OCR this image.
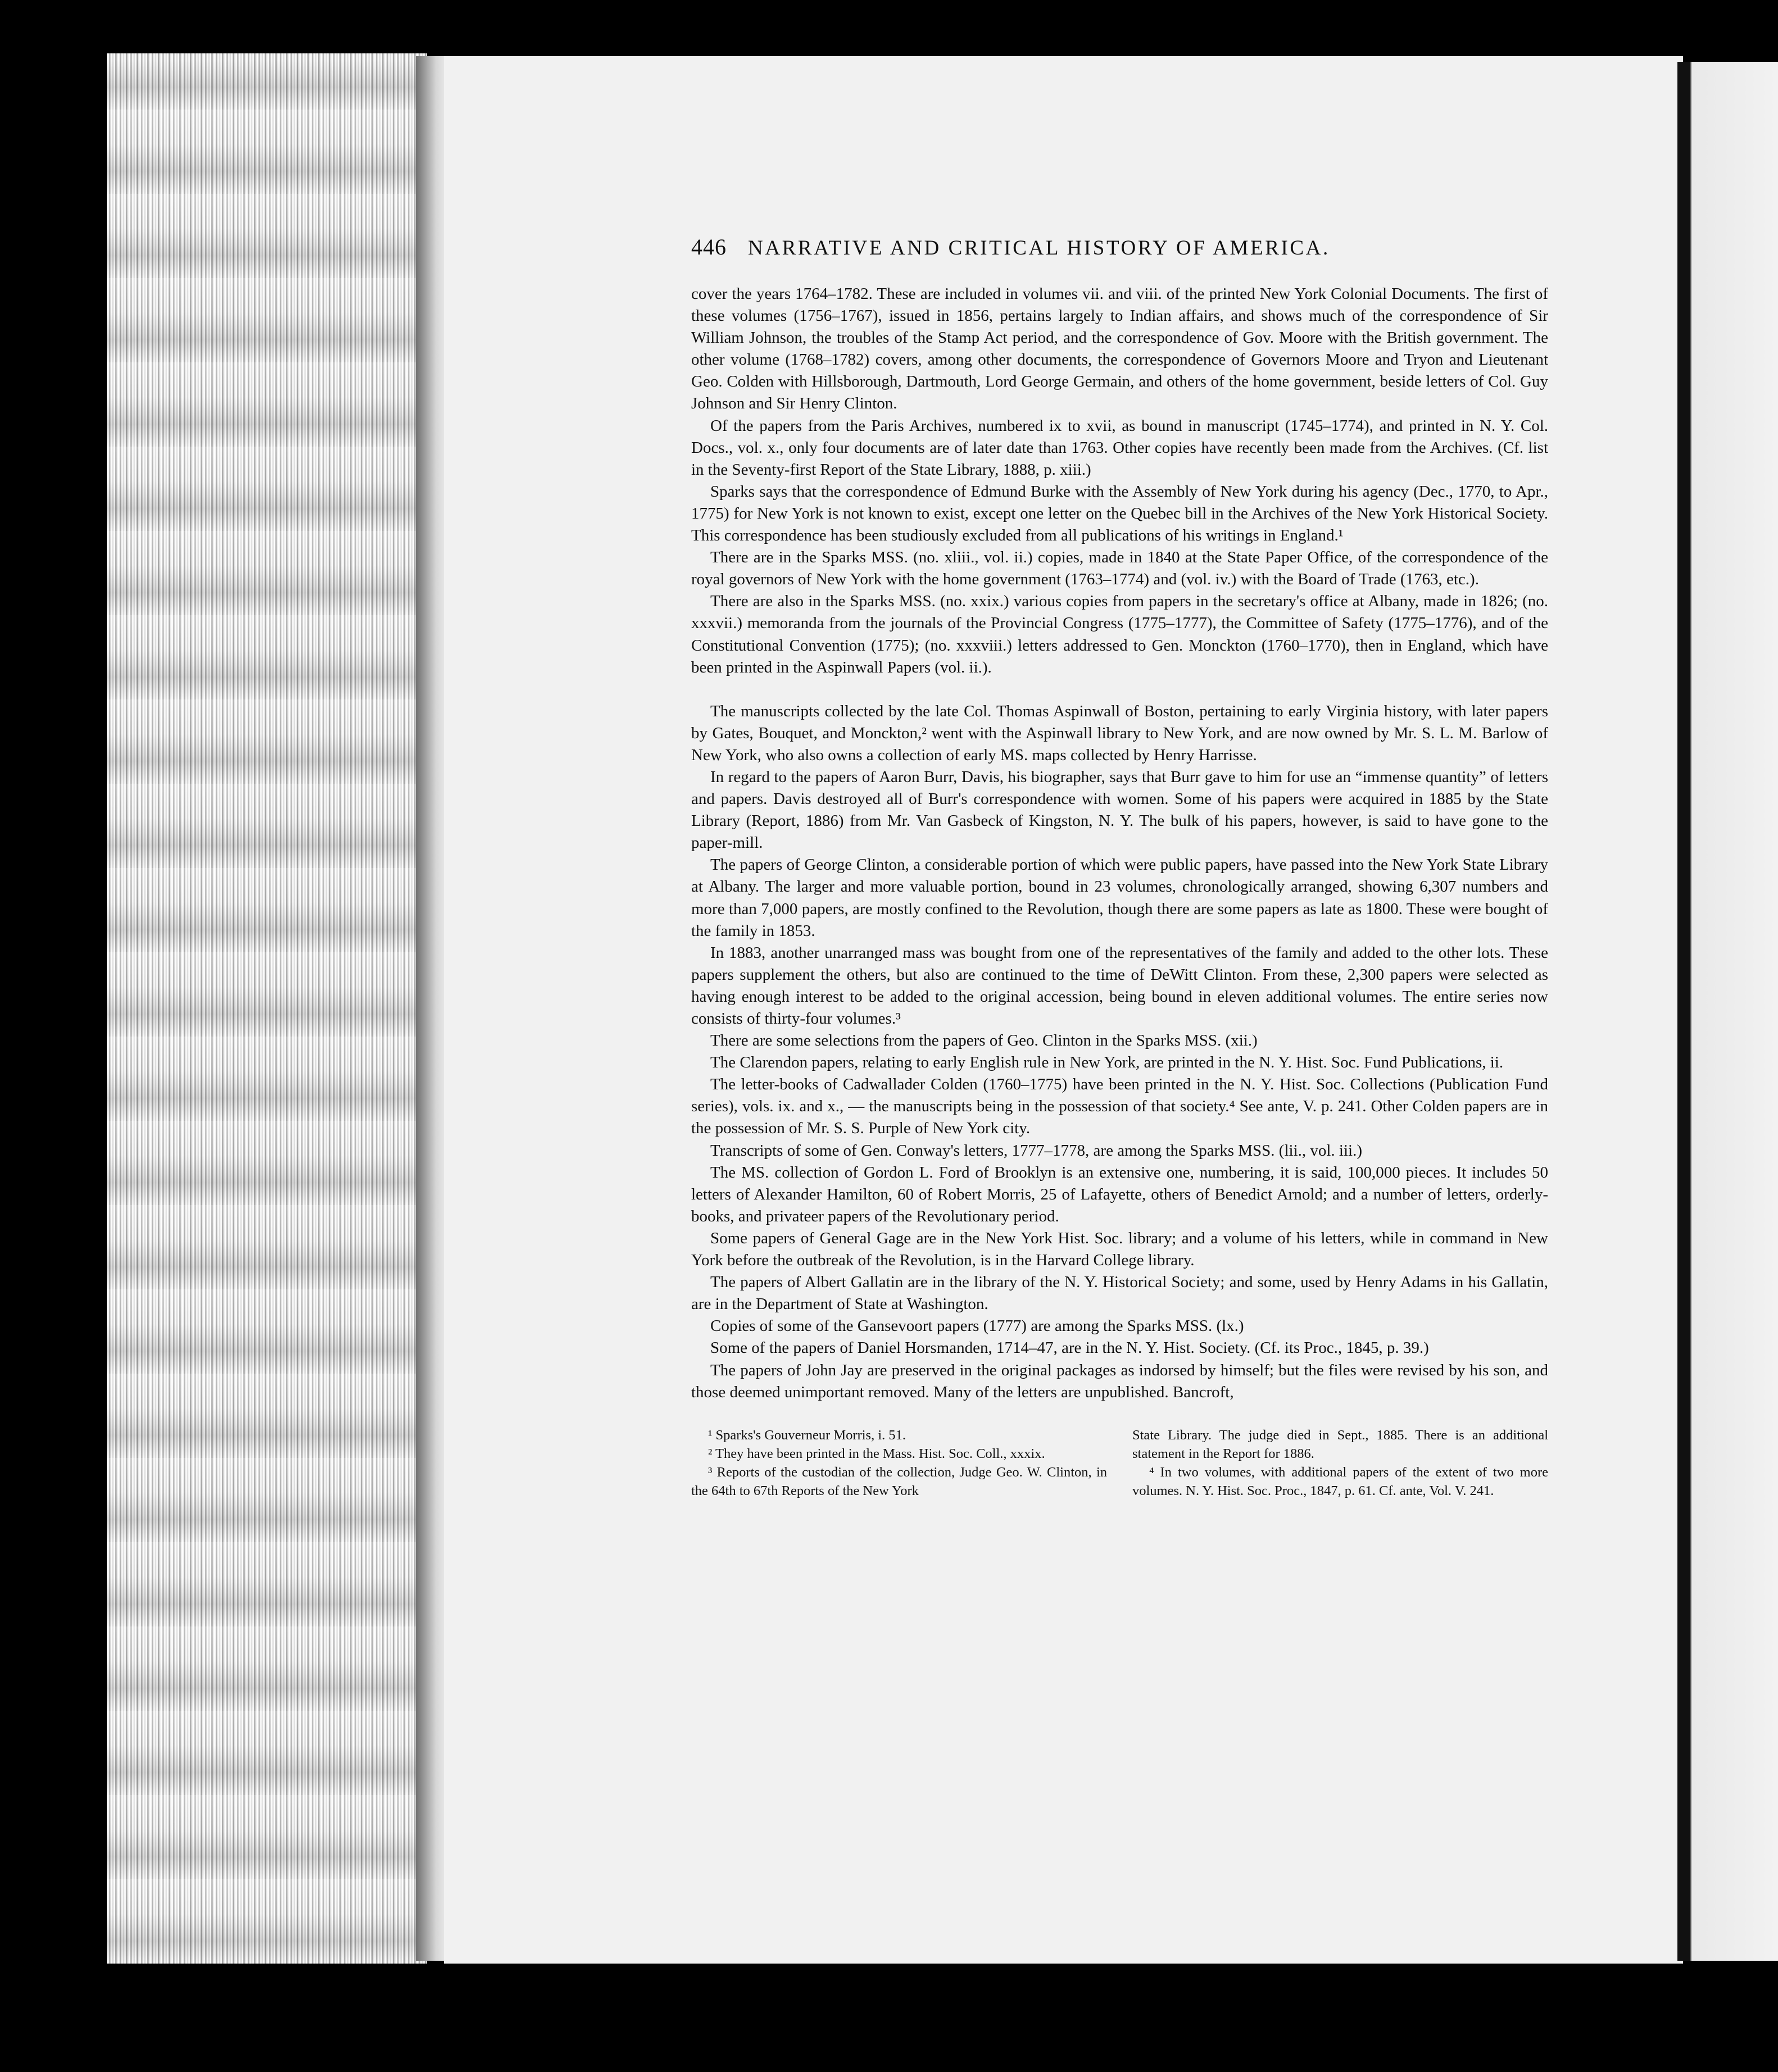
446 NARRATIVE AND CRITICAL HISTORY OF AMERICA.

cover the years 1764–1782. These are included in volumes vii. and viii. of the printed New York Colonial Documents. The first of these volumes (1756–1767), issued in 1856, pertains largely to Indian affairs, and shows much of the correspondence of Sir William Johnson, the troubles of the Stamp Act period, and the correspondence of Gov. Moore with the British government. The other volume (1768–1782) covers, among other documents, the correspondence of Governors Moore and Tryon and Lieutenant Geo. Colden with Hillsborough, Dartmouth, Lord George Germain, and others of the home government, beside letters of Col. Guy Johnson and Sir Henry Clinton.

Of the papers from the Paris Archives, numbered ix to xvii, as bound in manuscript (1745–1774), and printed in N. Y. Col. Docs., vol. x., only four documents are of later date than 1763. Other copies have recently been made from the Archives. (Cf. list in the Seventy-first Report of the State Library, 1888, p. xiii.)

Sparks says that the correspondence of Edmund Burke with the Assembly of New York during his agency (Dec., 1770, to Apr., 1775) for New York is not known to exist, except one letter on the Quebec bill in the Archives of the New York Historical Society. This correspondence has been studiously excluded from all publications of his writings in England.¹

There are in the Sparks MSS. (no. xliii., vol. ii.) copies, made in 1840 at the State Paper Office, of the correspondence of the royal governors of New York with the home government (1763–1774) and (vol. iv.) with the Board of Trade (1763, etc.).

There are also in the Sparks MSS. (no. xxix.) various copies from papers in the secretary's office at Albany, made in 1826; (no. xxxvii.) memoranda from the journals of the Provincial Congress (1775–1777), the Committee of Safety (1775–1776), and of the Constitutional Convention (1775); (no. xxxviii.) letters addressed to Gen. Monckton (1760–1770), then in England, which have been printed in the Aspinwall Papers (vol. ii.).

The manuscripts collected by the late Col. Thomas Aspinwall of Boston, pertaining to early Virginia history, with later papers by Gates, Bouquet, and Monckton,² went with the Aspinwall library to New York, and are now owned by Mr. S. L. M. Barlow of New York, who also owns a collection of early MS. maps collected by Henry Harrisse.

In regard to the papers of Aaron Burr, Davis, his biographer, says that Burr gave to him for use an “immense quantity” of letters and papers. Davis destroyed all of Burr's correspondence with women. Some of his papers were acquired in 1885 by the State Library (Report, 1886) from Mr. Van Gasbeck of Kingston, N. Y. The bulk of his papers, however, is said to have gone to the paper-mill.

The papers of George Clinton, a considerable portion of which were public papers, have passed into the New York State Library at Albany. The larger and more valuable portion, bound in 23 volumes, chronologically arranged, showing 6,307 numbers and more than 7,000 papers, are mostly confined to the Revolution, though there are some papers as late as 1800. These were bought of the family in 1853.

In 1883, another unarranged mass was bought from one of the representatives of the family and added to the other lots. These papers supplement the others, but also are continued to the time of DeWitt Clinton. From these, 2,300 papers were selected as having enough interest to be added to the original accession, being bound in eleven additional volumes. The entire series now consists of thirty-four volumes.³

There are some selections from the papers of Geo. Clinton in the Sparks MSS. (xii.)

The Clarendon papers, relating to early English rule in New York, are printed in the N. Y. Hist. Soc. Fund Publications, ii.

The letter-books of Cadwallader Colden (1760–1775) have been printed in the N. Y. Hist. Soc. Collections (Publication Fund series), vols. ix. and x., — the manuscripts being in the possession of that society.⁴ See ante, V. p. 241. Other Colden papers are in the possession of Mr. S. S. Purple of New York city.

Transcripts of some of Gen. Conway's letters, 1777–1778, are among the Sparks MSS. (lii., vol. iii.)

The MS. collection of Gordon L. Ford of Brooklyn is an extensive one, numbering, it is said, 100,000 pieces. It includes 50 letters of Alexander Hamilton, 60 of Robert Morris, 25 of Lafayette, others of Benedict Arnold; and a number of letters, orderly-books, and privateer papers of the Revolutionary period.

Some papers of General Gage are in the New York Hist. Soc. library; and a volume of his letters, while in command in New York before the outbreak of the Revolution, is in the Harvard College library.

The papers of Albert Gallatin are in the library of the N. Y. Historical Society; and some, used by Henry Adams in his Gallatin, are in the Department of State at Washington.

Copies of some of the Gansevoort papers (1777) are among the Sparks MSS. (lx.)

Some of the papers of Daniel Horsmanden, 1714–47, are in the N. Y. Hist. Society. (Cf. its Proc., 1845, p. 39.)

The papers of John Jay are preserved in the original packages as indorsed by himself; but the files were revised by his son, and those deemed unimportant removed. Many of the letters are unpublished. Bancroft,

¹ Sparks's Gouverneur Morris, i. 51.

² They have been printed in the Mass. Hist. Soc. Coll., xxxix.

³ Reports of the custodian of the collection, Judge Geo. W. Clinton, in the 64th to 67th Reports of the New York

State Library. The judge died in Sept., 1885. There is an additional statement in the Report for 1886.

⁴ In two volumes, with additional papers of the extent of two more volumes. N. Y. Hist. Soc. Proc., 1847, p. 61. Cf. ante, Vol. V. 241.
